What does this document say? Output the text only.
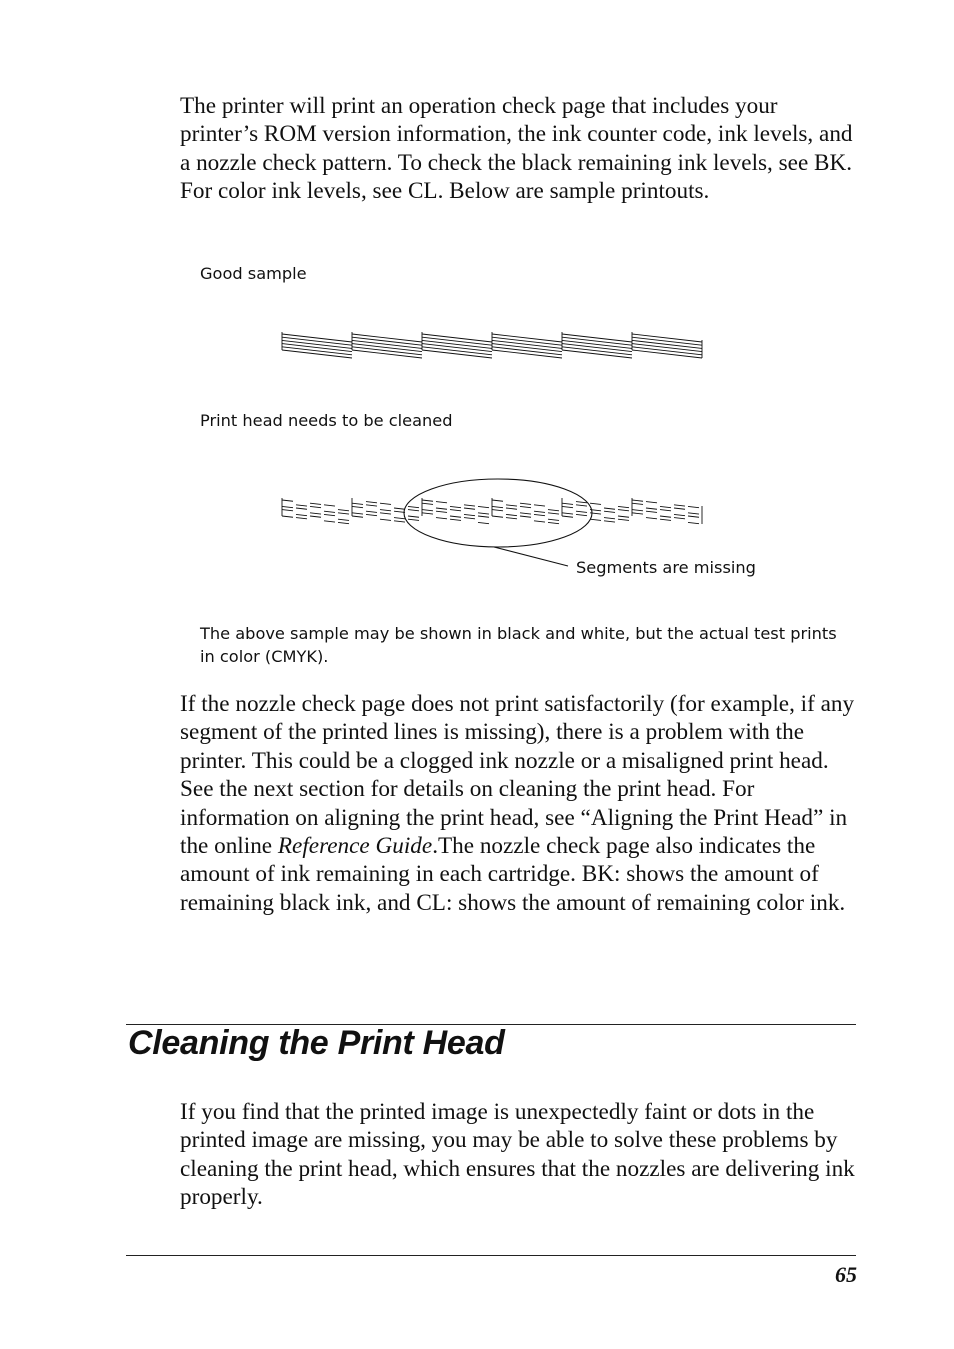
The printer will print an operation check page that includes your printer’s ROM version information, the ink counter code, ink levels, and a nozzle check pattern. To check the black remaining ink levels, see BK. For color ink levels, see CL. Below are sample printouts.

Good sample

Print head needs to be cleaned

Segments are missing

The above sample may be shown in black and white, but the actual test prints in color (CMYK).

If the nozzle check page does not print satisfactorily (for example, if any segment of the printed lines is missing), there is a problem with the printer. This could be a clogged ink nozzle or a misaligned print head. See the next section for details on cleaning the print head. For information on aligning the print head, see “Aligning the Print Head” in the online Reference Guide.The nozzle check page also indicates the amount of ink remaining in each cartridge. BK: shows the amount of remaining black ink, and CL: shows the amount of remaining color ink.

Cleaning the Print Head

If you find that the printed image is unexpectedly faint or dots in the printed image are missing, you may be able to solve these problems by cleaning the print head, which ensures that the nozzles are delivering ink properly.

65
